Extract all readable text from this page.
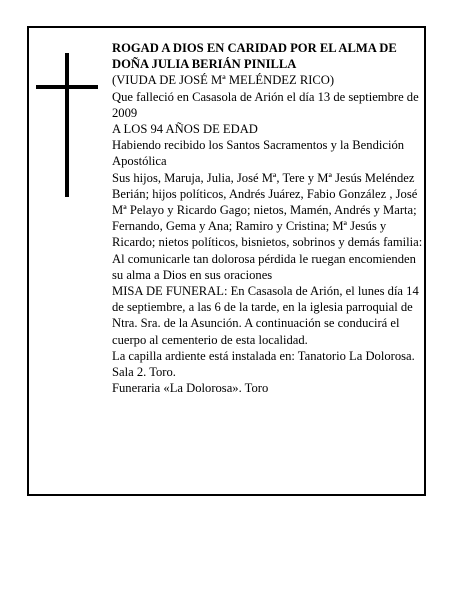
ROGAD A DIOS EN CARIDAD POR EL ALMA DE

DOÑA JULIA BERIÁN PINILLA

(VIUDA DE JOSÉ Mª MELÉNDEZ RICO)

Que falleció en Casasola de Arión el día 13 de septiembre de 2009

A LOS 94 AÑOS DE EDAD

Habiendo recibido los Santos Sacramentos y la Bendición Apostólica

Sus hijos, Maruja, Julia, José Mª, Tere y Mª Jesús Meléndez Berián; hijos políticos, Andrés Juárez, Fabio González , José Mª Pelayo y Ricardo Gago; nietos, Mamén, Andrés y Marta; Fernando, Gema y Ana; Ramiro y Cristina; Mª Jesús y Ricardo; nietos políticos, bisnietos, sobrinos y demás familia:

Al comunicarle tan dolorosa pérdida le ruegan encomienden su alma a Dios en sus oraciones

MISA DE FUNERAL: En Casasola de Arión, el lunes día 14 de septiembre, a las 6 de la tarde, en la iglesia parroquial de Ntra. Sra. de la Asunción. A continuación se conducirá el cuerpo al cementerio de esta localidad.

La capilla ardiente está instalada en: Tanatorio La Dolorosa. Sala 2. Toro.

Funeraria «La Dolorosa». Toro
